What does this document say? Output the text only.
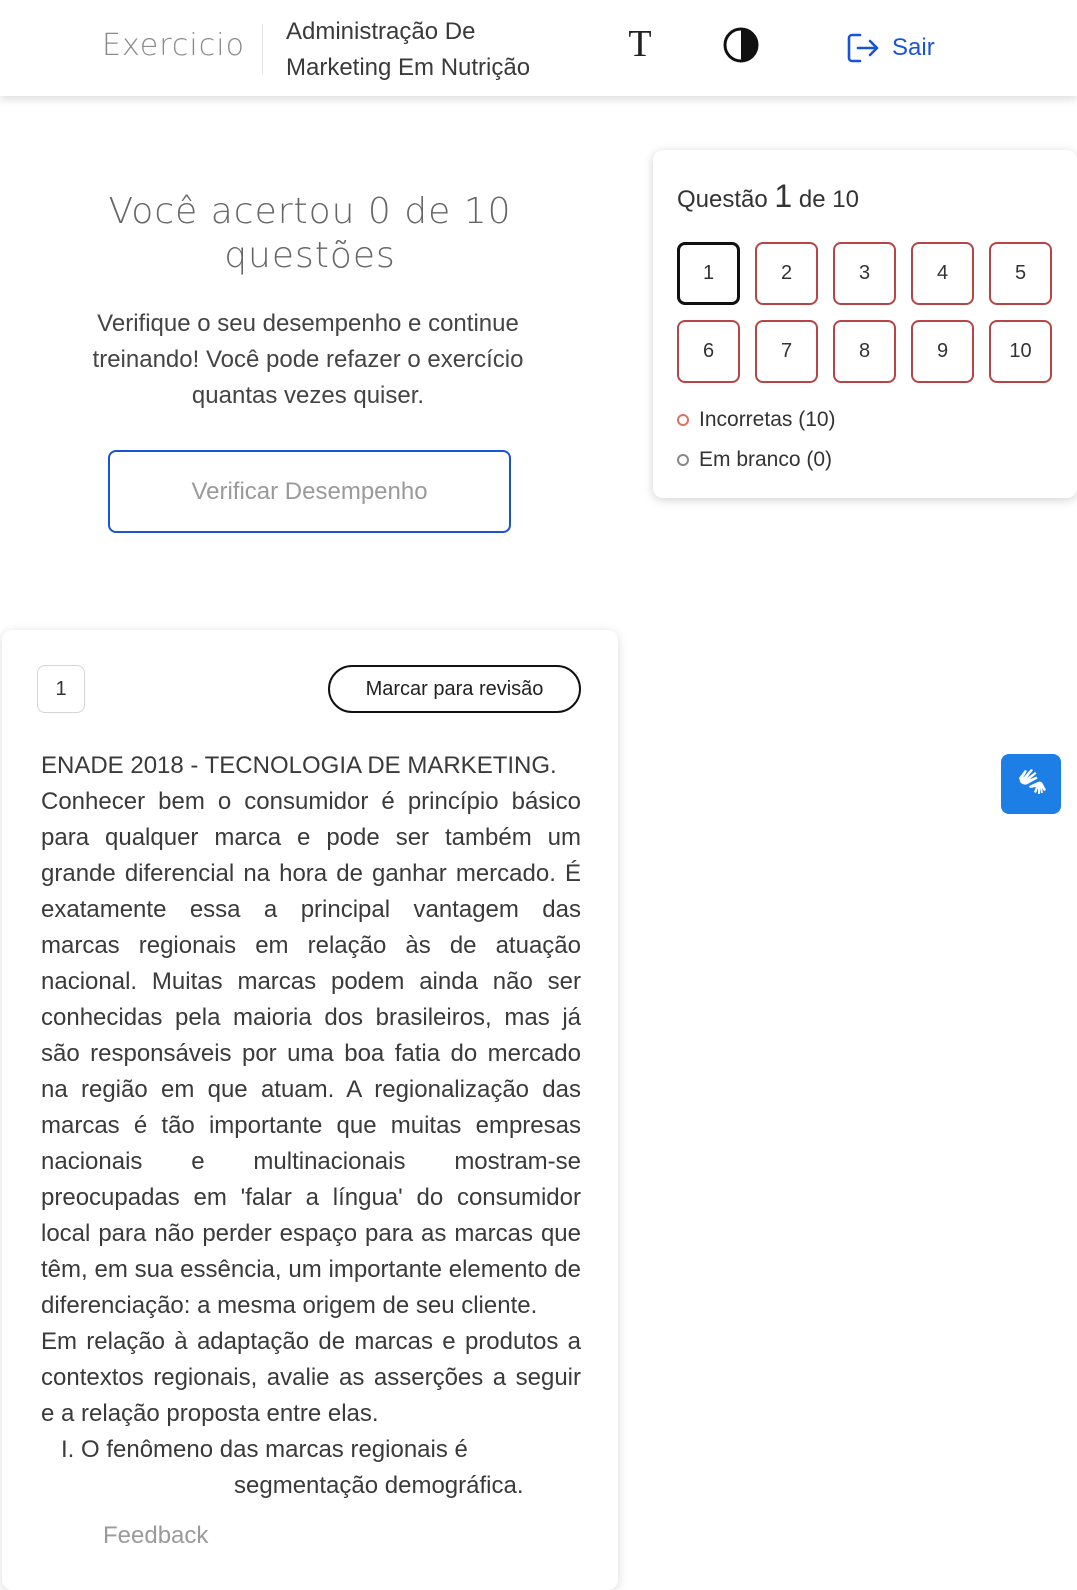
Exercicio Administração De
Marketing Em Nutrição
T	Sair
Você acertou 0 de 10 questões
Verifique o seu desempenho e continue treinando! Você pode refazer o exercício quantas vezes quiser.
Verificar Desempenho
Questão 1 de 10
1	2	3	4	5
6	7	8	9	10
Incorretas (10)
Em branco (0)
1	Marcar para revisão

ENADE 2018 - TECNOLOGIA DE MARKETING.

Conhecer bem o consumidor é princípio básico para qualquer marca e pode ser também um grande diferencial na hora de ganhar mercado. É exatamente essa a principal vantagem das marcas regionais em relação às de atuação nacional. Muitas marcas podem ainda não ser conhecidas pela maioria dos brasileiros, mas já são responsáveis por uma boa fatia do mercado na região em que atuam. A regionalização das marcas é tão importante que muitas empresas nacionais e multinacionais mostram-se preocupadas em 'falar a língua' do consumidor local para não perder espaço para as marcas que têm, em sua essência, um importante elemento de diferenciação: a mesma origem de seu cliente.

Em relação à adaptação de marcas e produtos a contextos regionais, avalie as asserções a seguir e a relação proposta entre elas.

I. O fenômeno das marcas regionais é

segmentação demográfica.

Feedback
